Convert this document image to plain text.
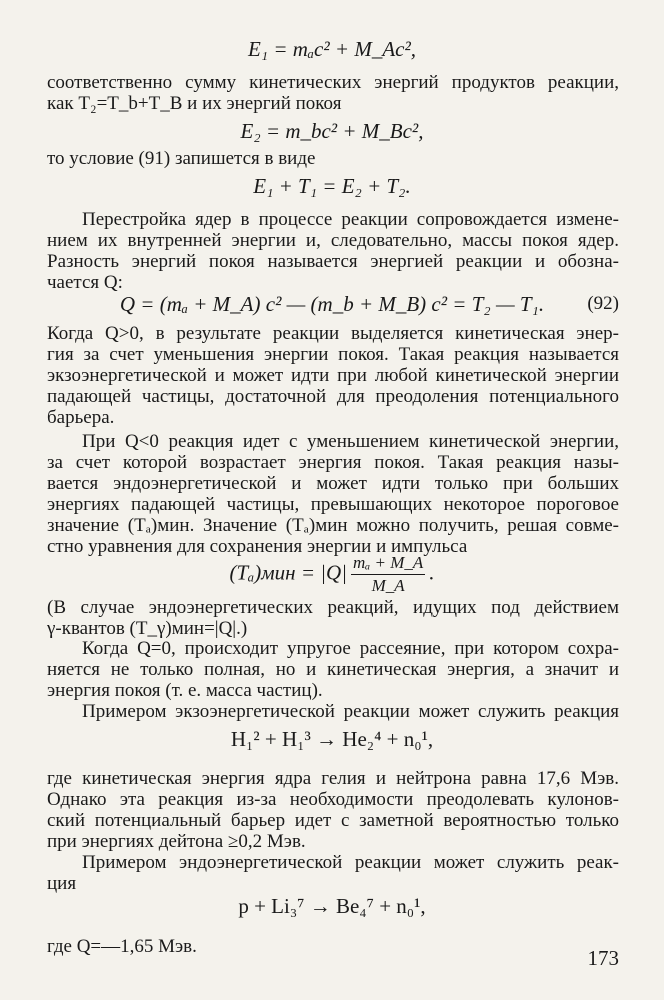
E₁ = mₐc² + M_Ac²,
соответственно сумму кинетических энергий продуктов реакции,
как T₂=T_b+T_B и их энергий покоя
E₂ = m_bc² + M_Bc²,
то условие (91) запишется в виде
E₁ + T₁ = E₂ + T₂.
Перестройка ядер в процессе реакции сопровождается измене-
нием их внутренней энергии и, следовательно, массы покоя ядер.
Разность энергий покоя называется энергией реакции и обозна-
чается Q:
Q = (mₐ + M_A) c² — (m_b + M_B) c² = T₂ — T₁. (92)
Когда Q>0, в результате реакции выделяется кинетическая энер-
гия за счет уменьшения энергии покоя. Такая реакция называется
экзоэнергетической и может идти при любой кинетической энергии
падающей частицы, достаточной для преодоления потенциального
барьера.
При Q<0 реакция идет с уменьшением кинетической энергии,
за счет которой возрастает энергия покоя. Такая реакция назы-
вается эндоэнергетической и может идти только при больших
энергиях падающей частицы, превышающих некоторое пороговое
значение (Tₐ)мин. Значение (Tₐ)мин можно получить, решая совме-
стно уравнения для сохранения энергии и импульса
$(T_a)мин = |Q| \frac{\text{mₐ + M\_A}}{M\_A}$ .
(В случае эндоэнергетических реакций, идущих под действием
γ-квантов (T_γ)мин=|Q|.)
Когда Q=0, происходит упругое рассеяние, при котором сохра-
няется не только полная, но и кинетическая энергия, а значит и
энергия покоя (т. е. масса частиц).
Примером экзоэнергетической реакции может служить реакция
H₁² + H₁³ → He₂⁴ + n₀¹,
где кинетическая энергия ядра гелия и нейтрона равна 17,6 Мэв.
Однако эта реакция из-за необходимости преодолевать кулонов-
ский потенциальный барьер идет с заметной вероятностью только
при энергиях дейтона ≥0,2 Мэв.
Примером эндоэнергетической реакции может служить реак-
ция
p + Li₃⁷ → Be₄⁷ + n₀¹,
где Q=—1,65 Мэв.	173
